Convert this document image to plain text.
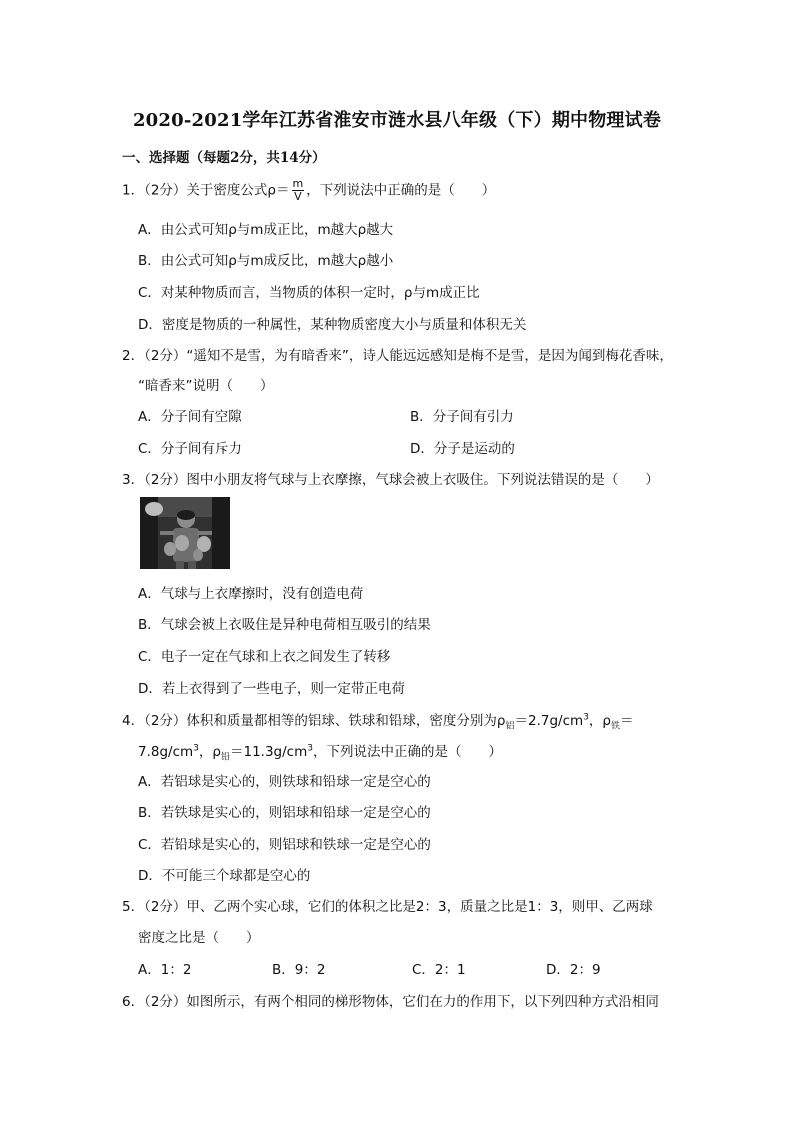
2020-2021学年江苏省淮安市涟水县八年级（下）期中物理试卷
一、选择题（每题2分，共14分）
1．（2分）关于密度公式$\rho= \frac{m}{V}$ ，下列说法中正确的是（　　）
A．由公式可知ρ与m成正比，m越大ρ越大
B．由公式可知ρ与m成反比，m越大ρ越小
C．对某种物质而言，当物质的体积一定时，ρ与m成正比
D．密度是物质的一种属性，某种物质密度大小与质量和体积无关
2．（2分）“遥知不是雪，为有暗香来”，诗人能远远感知是梅不是雪，是因为闻到梅花香味，
“暗香来”说明（　　）
A．分子间有空隙	B．分子间有引力
C．分子间有斥力	D．分子是运动的
3．（2分）图中小朋友将气球与上衣摩擦，气球会被上衣吸住。下列说法错误的是（　　）
A．气球与上衣摩擦时，没有创造电荷
B．气球会被上衣吸住是异种电荷相互吸引的结果
C．电子一定在气球和上衣之间发生了转移
D．若上衣得到了一些电子，则一定带正电荷
4．（2分）体积和质量都相等的铝球、铁球和铅球，密度分别为$\rho_铝=2.7g/cm^3$，$\rho_铁=$
$7.8g/cm^3$，$\rho_铅=11.3g/cm^3$，下列说法中正确的是（　　）
A．若铝球是实心的，则铁球和铅球一定是空心的
B．若铁球是实心的，则铝球和铅球一定是空心的
C．若铅球是实心的，则铝球和铁球一定是空心的
D．不可能三个球都是空心的
5．（2分）甲、乙两个实心球，它们的体积之比是2：3，质量之比是1：3，则甲、乙两球
密度之比是（　　）
A．1：2	B．9：2	C．2：1	D．2：9
6．（2分）如图所示，有两个相同的梯形物体，它们在力的作用下，以下列四种方式沿相同
